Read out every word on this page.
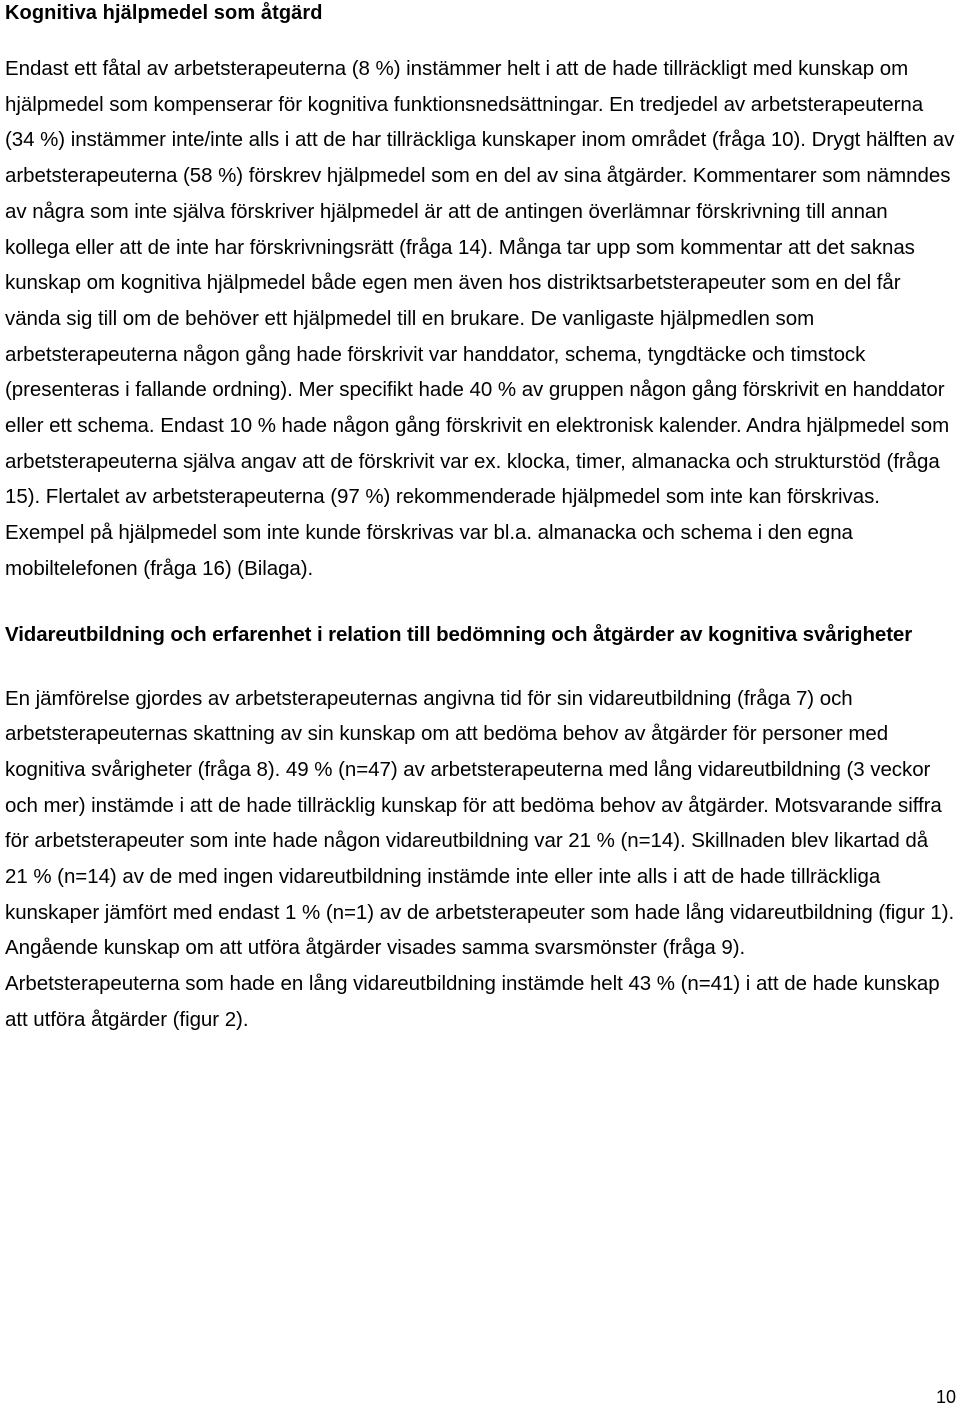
Kognitiva hjälpmedel som åtgärd

Endast ett fåtal av arbetsterapeuterna (8 %) instämmer helt i att de hade tillräckligt med kunskap om hjälpmedel som kompenserar för kognitiva funktionsnedsättningar. En tredjedel av arbetsterapeuterna (34 %) instämmer inte/inte alls i att de har tillräckliga kunskaper inom området (fråga 10). Drygt hälften av arbetsterapeuterna (58 %) förskrev hjälpmedel som en del av sina åtgärder. Kommentarer som nämndes av några som inte själva förskriver hjälpmedel är att de antingen överlämnar förskrivning till annan kollega eller att de inte har förskrivningsrätt (fråga 14). Många tar upp som kommentar att det saknas kunskap om kognitiva hjälpmedel både egen men även hos distriktsarbetsterapeuter som en del får vända sig till om de behöver ett hjälpmedel till en brukare. De vanligaste hjälpmedlen som arbetsterapeuterna någon gång hade förskrivit var handdator, schema, tyngdtäcke och timstock (presenteras i fallande ordning). Mer specifikt hade 40 % av gruppen någon gång förskrivit en handdator eller ett schema. Endast 10 % hade någon gång förskrivit en elektronisk kalender. Andra hjälpmedel som arbetsterapeuterna själva angav att de förskrivit var ex. klocka, timer, almanacka och strukturstöd (fråga 15). Flertalet av arbetsterapeuterna (97 %) rekommenderade hjälpmedel som inte kan förskrivas. Exempel på hjälpmedel som inte kunde förskrivas var bl.a. almanacka och schema i den egna mobiltelefonen (fråga 16) (Bilaga).

Vidareutbildning och erfarenhet i relation till bedömning och åtgärder av kognitiva svårigheter

En jämförelse gjordes av arbetsterapeuternas angivna tid för sin vidareutbildning (fråga 7) och arbetsterapeuternas skattning av sin kunskap om att bedöma behov av åtgärder för personer med kognitiva svårigheter (fråga 8). 49 % (n=47) av arbetsterapeuterna med lång vidareutbildning (3 veckor och mer) instämde i att de hade tillräcklig kunskap för att bedöma behov av åtgärder. Motsvarande siffra för arbetsterapeuter som inte hade någon vidareutbildning var 21 % (n=14). Skillnaden blev likartad då 21 % (n=14) av de med ingen vidareutbildning instämde inte eller inte alls i att de hade tillräckliga kunskaper jämfört med endast 1 % (n=1) av de arbetsterapeuter som hade lång vidareutbildning (figur 1).

Angående kunskap om att utföra åtgärder visades samma svarsmönster (fråga 9).

Arbetsterapeuterna som hade en lång vidareutbildning instämde helt 43 % (n=41) i att de hade kunskap att utföra åtgärder (figur 2).

10
